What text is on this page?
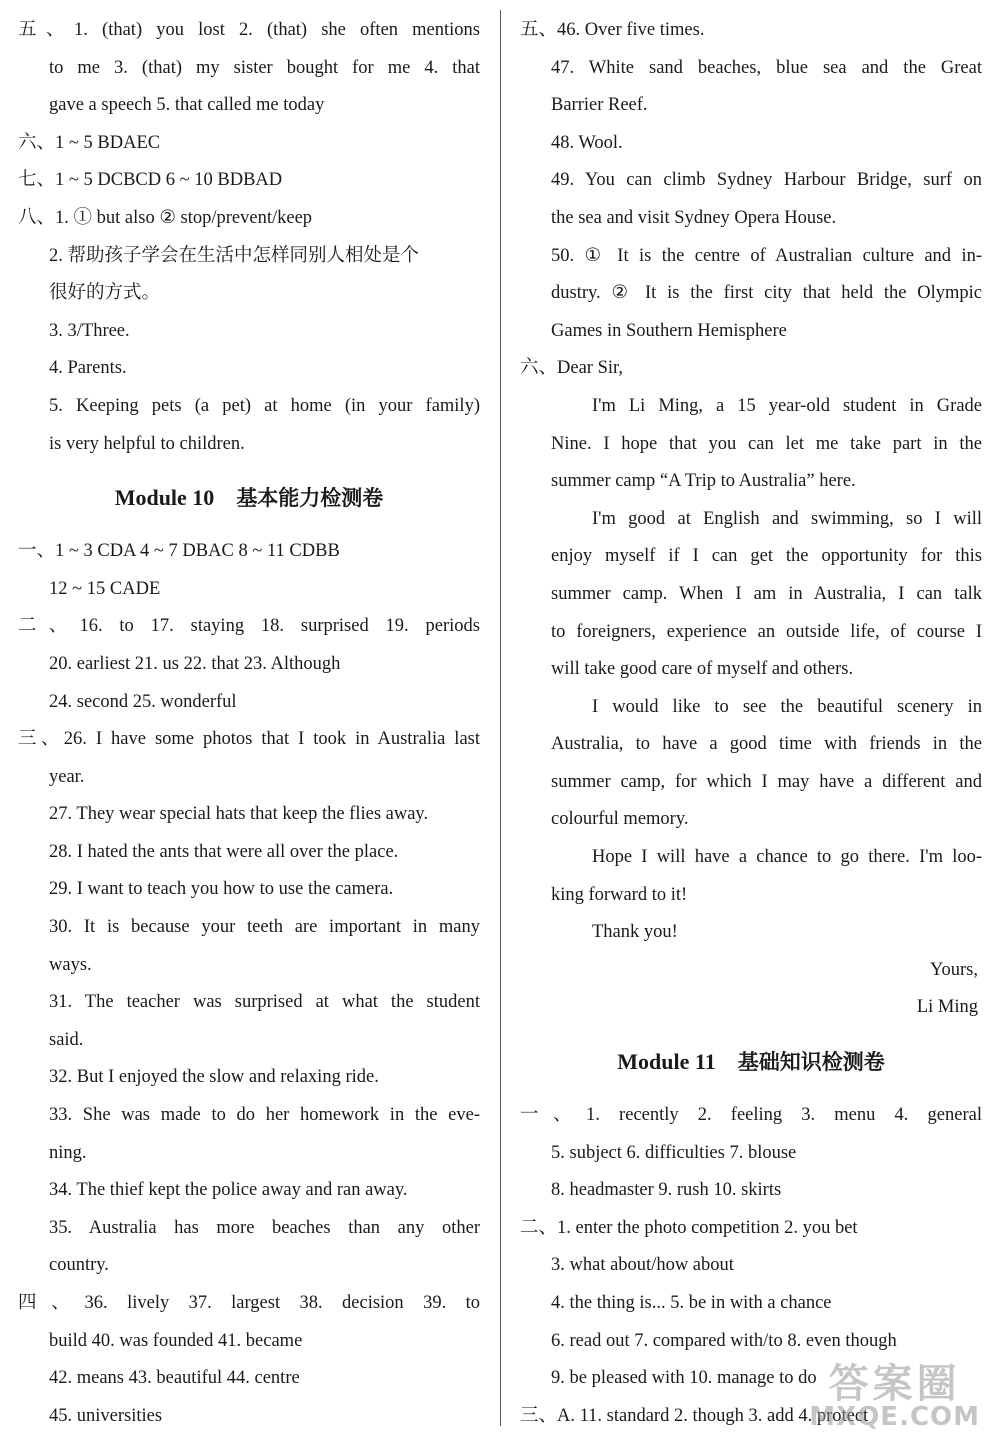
五、1. (that) you lost 2. (that) she often mentions
to me 3. (that) my sister bought for me 4. that
gave a speech 5. that called me today
六、1 ~ 5 BDAEC
七、1 ~ 5 DCBCD 6 ~ 10 BDBAD
八、1. ① but also ② stop/prevent/keep
2. 帮助孩子学会在生活中怎样同别人相处是个
很好的方式。
3. 3/Three.
4. Parents.
5. Keeping pets (a pet) at home (in your family)
is very helpful to children.
Module 10 基本能力检测卷
一、1 ~ 3 CDA 4 ~ 7 DBAC 8 ~ 11 CDBB
12 ~ 15 CADE
二、16. to 17. staying 18. surprised 19. periods
20. earliest 21. us 22. that 23. Although
24. second 25. wonderful
三、26. I have some photos that I took in Australia last
year.
27. They wear special hats that keep the flies away.
28. I hated the ants that were all over the place.
29. I want to teach you how to use the camera.
30. It is because your teeth are important in many
ways.
31. The teacher was surprised at what the student
said.
32. But I enjoyed the slow and relaxing ride.
33. She was made to do her homework in the eve-
ning.
34. The thief kept the police away and ran away.
35. Australia has more beaches than any other
country.
四、36. lively 37. largest 38. decision 39. to
build 40. was founded 41. became
42. means 43. beautiful 44. centre
45. universities
五、46. Over five times.
47. White sand beaches, blue sea and the Great
Barrier Reef.
48. Wool.
49. You can climb Sydney Harbour Bridge, surf on
the sea and visit Sydney Opera House.
50. ① It is the centre of Australian culture and in-
dustry. ② It is the first city that held the Olympic
Games in Southern Hemisphere
六、Dear Sir,
I'm Li Ming, a 15 year-old student in Grade
Nine. I hope that you can let me take part in the
summer camp “A Trip to Australia” here.
I'm good at English and swimming, so I will
enjoy myself if I can get the opportunity for this
summer camp. When I am in Australia, I can talk
to foreigners, experience an outside life, of course I
will take good care of myself and others.
I would like to see the beautiful scenery in
Australia, to have a good time with friends in the
summer camp, for which I may have a different and
colourful memory.
Hope I will have a chance to go there. I'm loo-
king forward to it!
Thank you!
Yours,
Li Ming
Module 11 基础知识检测卷
一、1. recently 2. feeling 3. menu 4. general
5. subject 6. difficulties 7. blouse
8. headmaster 9. rush 10. skirts
二、1. enter the photo competition 2. you bet
3. what about/how about
4. the thing is... 5. be in with a chance
6. read out 7. compared with/to 8. even though
9. be pleased with 10. manage to do
三、A. 11. standard 2. though 3. add 4. protect
答案圈
MXQE.COM
